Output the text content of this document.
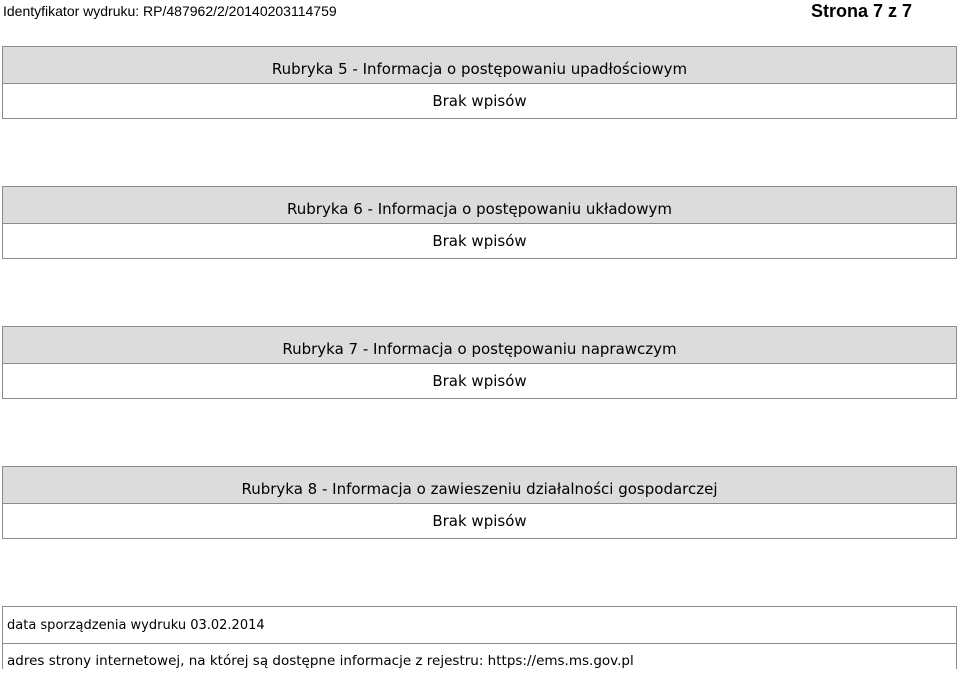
Identyfikator wydruku: RP/487962/2/20140203114759	Strona 7 z 7
Rubryka 5 - Informacja o postępowaniu upadłościowym
Brak wpisów
Rubryka 6 - Informacja o postępowaniu układowym
Brak wpisów
Rubryka 7 - Informacja o postępowaniu naprawczym
Brak wpisów
Rubryka 8 - Informacja o zawieszeniu działalności gospodarczej
Brak wpisów
data sporządzenia wydruku 03.02.2014
adres strony internetowej, na której są dostępne informacje z rejestru: https://ems.ms.gov.pl
